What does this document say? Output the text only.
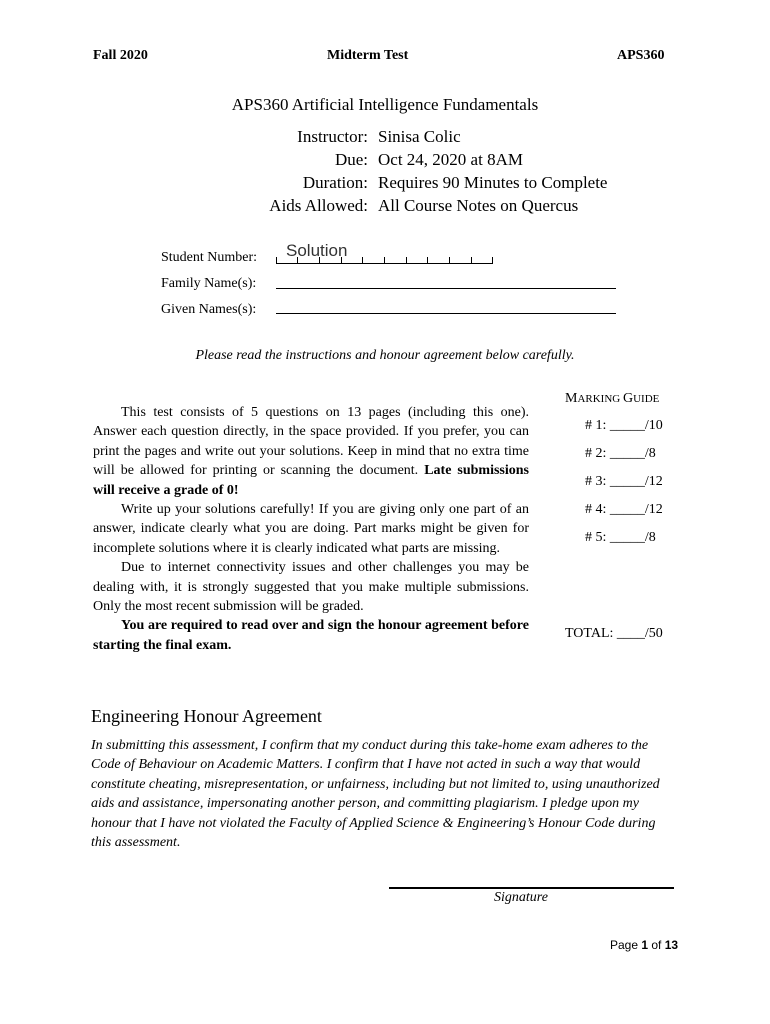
Fall 2020	Midterm Test	APS360
APS360 Artificial Intelligence Fundamentals
Instructor: Sinisa Colic
Due: Oct 24, 2020 at 8AM
Duration: Requires 90 Minutes to Complete
Aids Allowed: All Course Notes on Quercus
Student Number: Solution
Family Name(s):
Given Names(s):
Please read the instructions and honour agreement below carefully.

This test consists of 5 questions on 13 pages (including this one). Answer each question directly, in the space provided. If you prefer, you can print the pages and write out your solutions. Keep in mind that no extra time will be allowed for printing or scanning the document. Late submissions will receive a grade of 0!

Write up your solutions carefully! If you are giving only one part of an answer, indicate clearly what you are doing. Part marks might be given for incomplete solutions where it is clearly indicated what parts are missing.

Due to internet connectivity issues and other challenges you may be dealing with, it is strongly suggested that you make multiple submissions. Only the most recent submission will be graded.

You are required to read over and sign the honour agreement before starting the final exam.

MARKING GUIDE
# 1: _____/10
# 2: _____/8
# 3: _____/12
# 4: _____/12
# 5: _____/8
TOTAL: ____/50
Engineering Honour Agreement
In submitting this assessment, I confirm that my conduct during this take-home exam adheres to the Code of Behaviour on Academic Matters. I confirm that I have not acted in such a way that would constitute cheating, misrepresentation, or unfairness, including but not limited to, using unauthorized aids and assistance, impersonating another person, and committing plagiarism. I pledge upon my honour that I have not violated the Faculty of Applied Science & Engineering’s Honour Code during this assessment.
Signature
Page 1 of 13
